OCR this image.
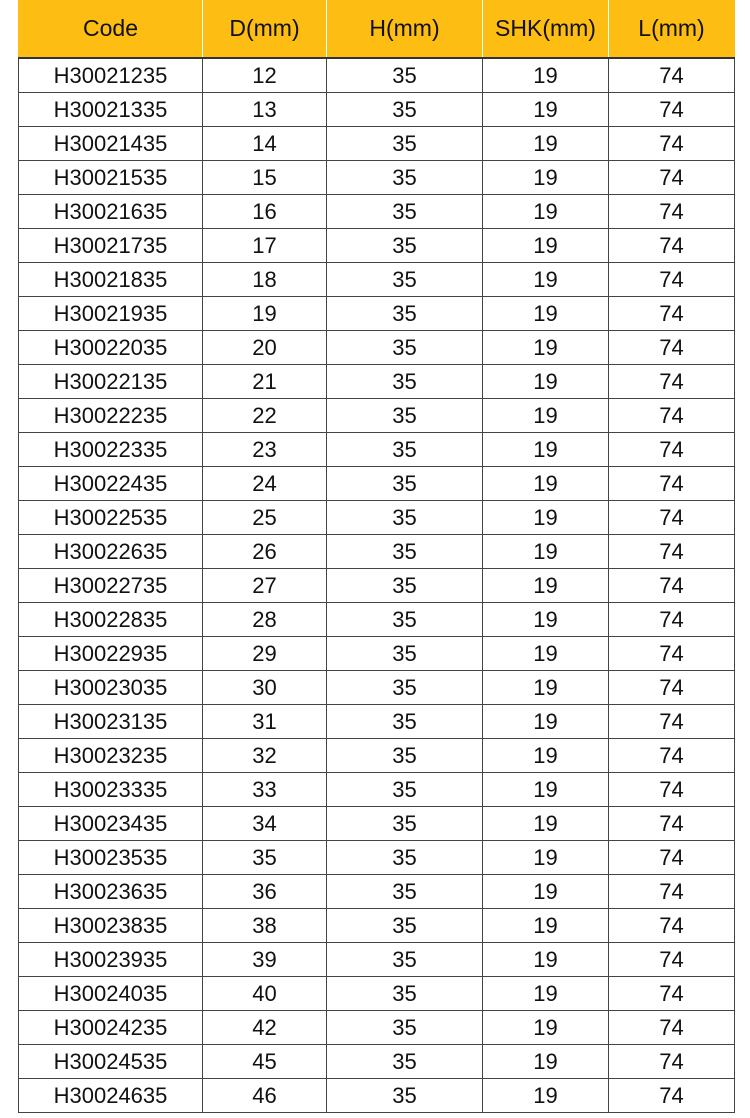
Code	D(mm)	H(mm)	SHK(mm)	L(mm)
H30021235	12	35	19	74
H30021335	13	35	19	74
H30021435	14	35	19	74
H30021535	15	35	19	74
H30021635	16	35	19	74
H30021735	17	35	19	74
H30021835	18	35	19	74
H30021935	19	35	19	74
H30022035	20	35	19	74
H30022135	21	35	19	74
H30022235	22	35	19	74
H30022335	23	35	19	74
H30022435	24	35	19	74
H30022535	25	35	19	74
H30022635	26	35	19	74
H30022735	27	35	19	74
H30022835	28	35	19	74
H30022935	29	35	19	74
H30023035	30	35	19	74
H30023135	31	35	19	74
H30023235	32	35	19	74
H30023335	33	35	19	74
H30023435	34	35	19	74
H30023535	35	35	19	74
H30023635	36	35	19	74
H30023835	38	35	19	74
H30023935	39	35	19	74
H30024035	40	35	19	74
H30024235	42	35	19	74
H30024535	45	35	19	74
H30024635	46	35	19	74
